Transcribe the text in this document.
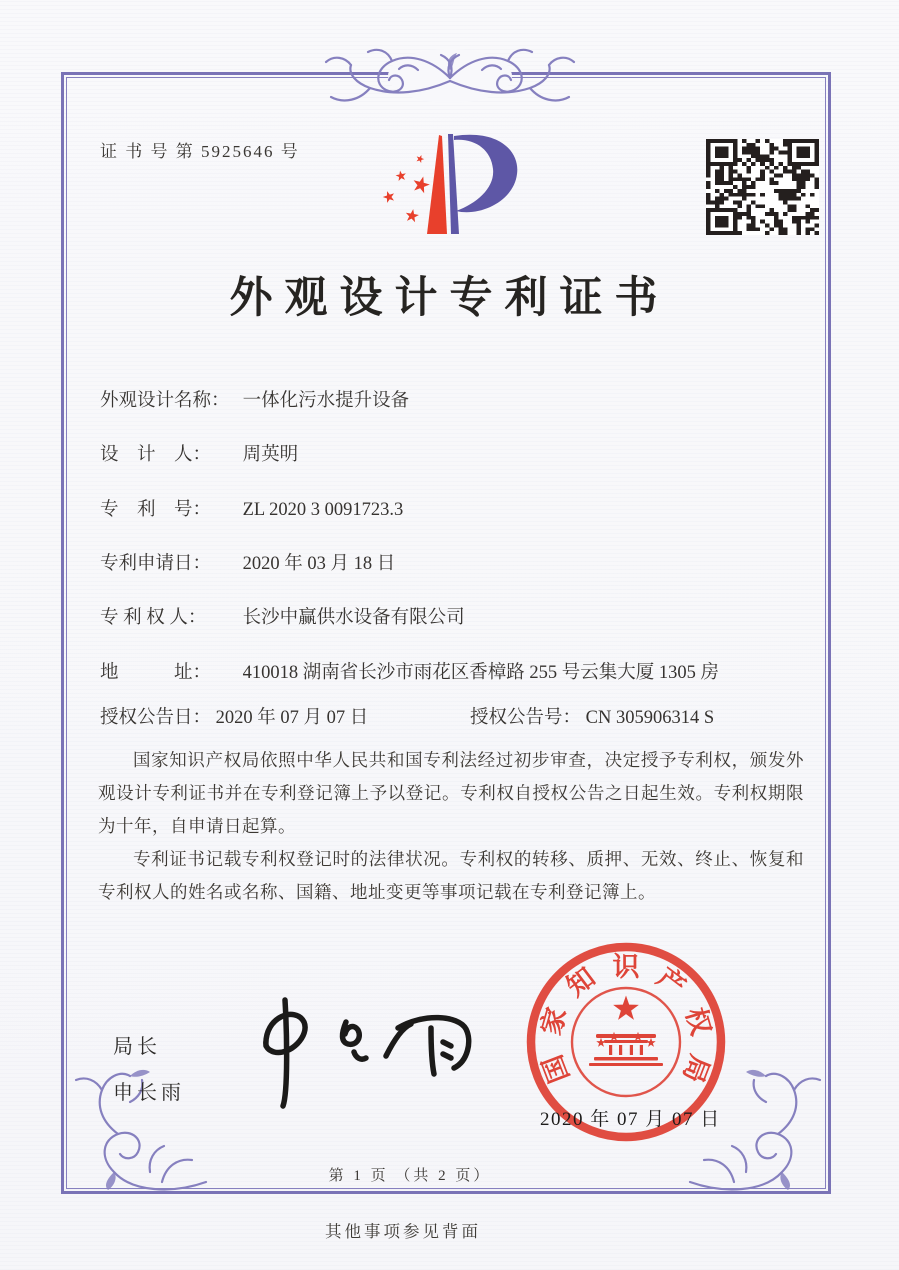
证 书 号 第 5925646 号
外观设计专利证书
外观设计名称： 一体化污水提升设备
设　计　人： 周英明
专　利　号： ZL 2020 3 0091723.3
专利申请日： 2020 年 03 月 18 日
专 利 权 人： 长沙中赢供水设备有限公司
地　　　址： 410018 湖南省长沙市雨花区香樟路 255 号云集大厦 1305 房
授权公告日： 2020 年 07 月 07 日	授权公告号： CN 305906314 S

国家知识产权局依照中华人民共和国专利法经过初步审查，决定授予专利权，颁发外观设计专利证书并在专利登记簿上予以登记。专利权自授权公告之日起生效。专利权期限为十年，自申请日起算。

专利证书记载专利权登记时的法律状况。专利权的转移、质押、无效、终止、恢复和专利权人的姓名或名称、国籍、地址变更等事项记载在专利登记簿上。

局长
申长雨
国
家
知 识 产
权
局
2020 年 07 月 07 日
第 1 页 （共 2 页）
其他事项参见背面
